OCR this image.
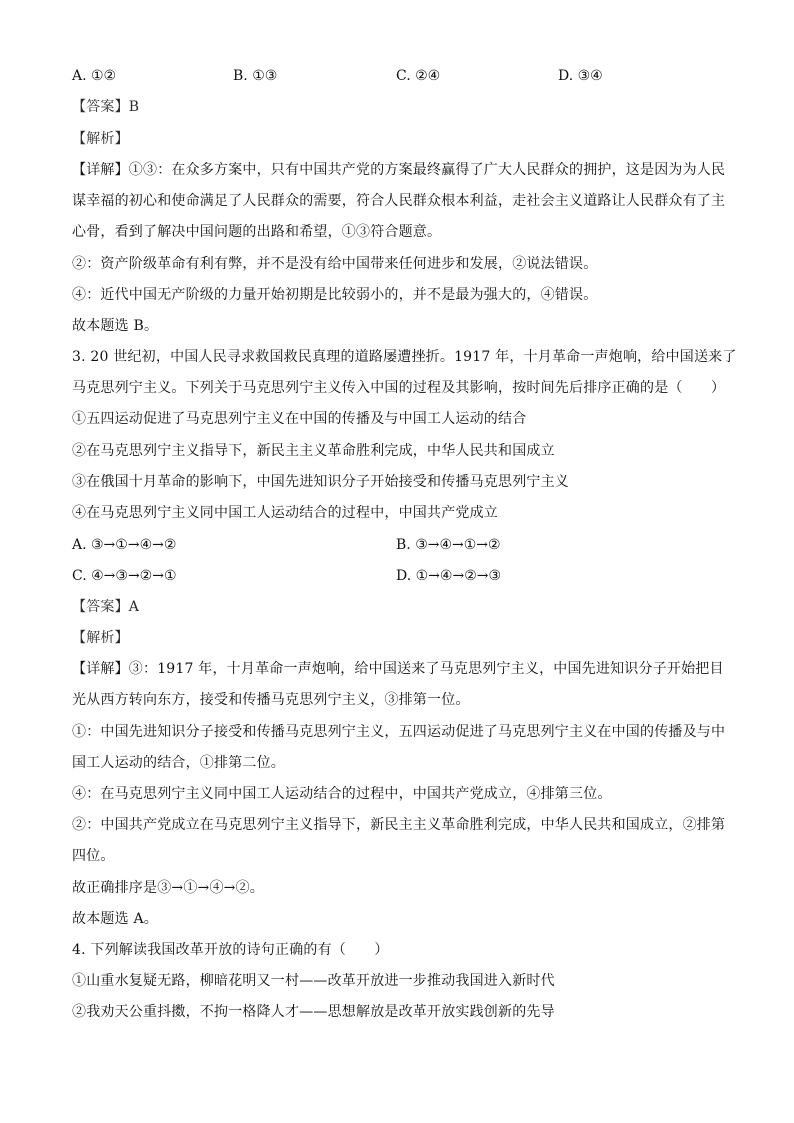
A. ①②	B. ①③	C. ②④	D. ③④
【答案】B
【解析】
【详解】①③：在众多方案中，只有中国共产党的方案最终赢得了广大人民群众的拥护，这是因为为人民
谋幸福的初心和使命满足了人民群众的需要，符合人民群众根本利益，走社会主义道路让人民群众有了主
心骨，看到了解决中国问题的出路和希望，①③符合题意。
②：资产阶级革命有利有弊，并不是没有给中国带来任何进步和发展，②说法错误。
④：近代中国无产阶级的力量开始初期是比较弱小的，并不是最为强大的，④错误。
故本题选 B。
3. 20 世纪初，中国人民寻求救国救民真理的道路屡遭挫折。1917 年，十月革命一声炮响，给中国送来了
马克思列宁主义。下列关于马克思列宁主义传入中国的过程及其影响，按时间先后排序正确的是（　　）
①五四运动促进了马克思列宁主义在中国的传播及与中国工人运动的结合
②在马克思列宁主义指导下，新民主主义革命胜利完成，中华人民共和国成立
③在俄国十月革命的影响下，中国先进知识分子开始接受和传播马克思列宁主义
④在马克思列宁主义同中国工人运动结合的过程中，中国共产党成立
A. ③→①→④→②	B. ③→④→①→②
C. ④→③→②→①	D. ①→④→②→③
【答案】A
【解析】
【详解】③：1917 年，十月革命一声炮响，给中国送来了马克思列宁主义，中国先进知识分子开始把目
光从西方转向东方，接受和传播马克思列宁主义，③排第一位。
①：中国先进知识分子接受和传播马克思列宁主义，五四运动促进了马克思列宁主义在中国的传播及与中
国工人运动的结合，①排第二位。
④：在马克思列宁主义同中国工人运动结合的过程中，中国共产党成立，④排第三位。
②：中国共产党成立在马克思列宁主义指导下，新民主主义革命胜利完成，中华人民共和国成立，②排第
四位。
故正确排序是③→①→④→②。
故本题选 A。
4. 下列解读我国改革开放的诗句正确的有（　　）
①山重水复疑无路，柳暗花明又一村——改革开放进一步推动我国进入新时代
②我劝天公重抖擞，不拘一格降人才——思想解放是改革开放实践创新的先导
